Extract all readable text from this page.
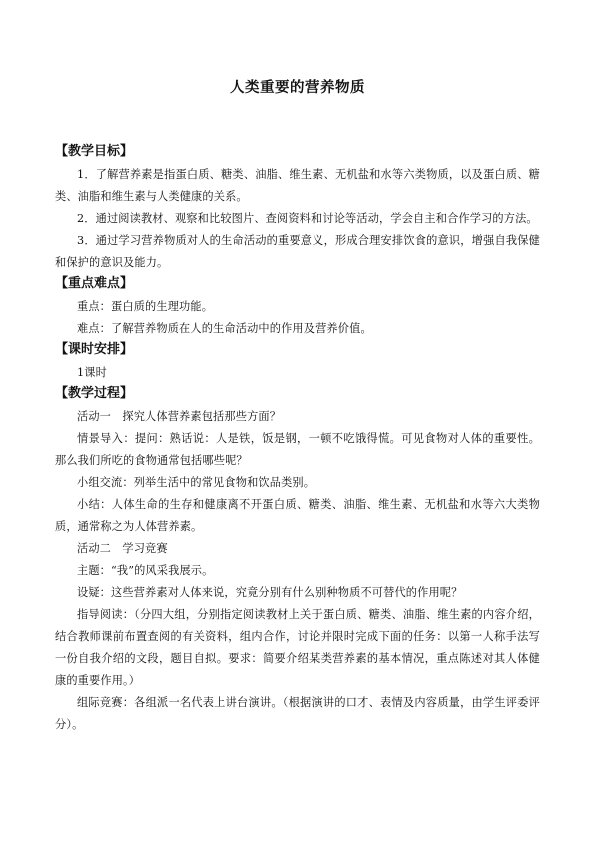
人类重要的营养物质
【教学目标】

1．了解营养素是指蛋白质、糖类、油脂、维生素、无机盐和水等六类物质，以及蛋白质、糖类、油脂和维生素与人类健康的关系。

2．通过阅读教材、观察和比较图片、查阅资料和讨论等活动，学会自主和合作学习的方法。

3．通过学习营养物质对人的生命活动的重要意义，形成合理安排饮食的意识，增强自我保健和保护的意识及能力。

【重点难点】

重点：蛋白质的生理功能。

难点：了解营养物质在人的生命活动中的作用及营养价值。

【课时安排】

1课时

【教学过程】

活动一　探究人体营养素包括那些方面？

情景导入：提问：熟话说：人是铁，饭是钢，一顿不吃饿得慌。可见食物对人体的重要性。那么我们所吃的食物通常包括哪些呢？

小组交流：列举生活中的常见食物和饮品类别。

小结：人体生命的生存和健康离不开蛋白质、糖类、油脂、维生素、无机盐和水等六大类物质，通常称之为人体营养素。

活动二　学习竞赛

主题：“我”的风采我展示。

设疑：这些营养素对人体来说，究竟分别有什么别种物质不可替代的作用呢？

指导阅读：（分四大组，分别指定阅读教材上关于蛋白质、糖类、油脂、维生素的内容介绍，结合教师课前布置查阅的有关资料，组内合作，讨论并限时完成下面的任务：以第一人称手法写一份自我介绍的文段，题目自拟。要求：简要介绍某类营养素的基本情况，重点陈述对其人体健康的重要作用。）

组际竞赛：各组派一名代表上讲台演讲。（根据演讲的口才、表情及内容质量，由学生评委评分）。
